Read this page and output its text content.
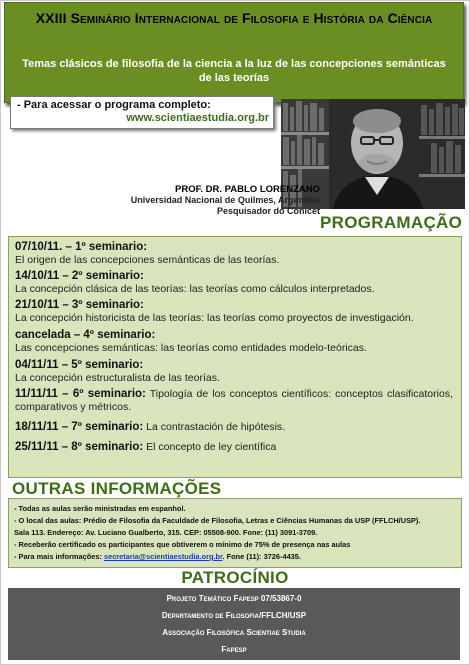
XXIII Seminário Internacional de Filosofia e História da Ciência
Temas clásicos de filosofia de la ciencia a la luz de las concepciones semánticas de las teorías
- Para acessar o programa completo:
www.scientiaestudia.org.br
PROF. DR. PABLO LORENZANO
Universidad Nacional de Quilmes, Argentina
Pesquisador do Conicet
PROGRAMAÇÃO
07/10/11. – 1º seminario:
El origen de las concepciones semánticas de las teorías.
14/10/11 – 2º seminario:
La concepción clásica de las teorías: las teorías como cálculos interpretados.
21/10/11 – 3º seminario:
La concepción historicista de las teorías: las teorías como proyectos de investigación.
cancelada – 4º seminario:
Las concepciones semánticas: las teorías como entidades modelo-teóricas.
04/11/11 – 5º seminario:
La concepción estructuralista de las teorías.
11/11/11 – 6º seminario: Tipología de los conceptos científicos: conceptos clasificatorios, comparativos y métricos.
18/11/11 – 7º seminario: La contrastación de hipótesis.
25/11/11 – 8º seminario: El concepto de ley científica
OUTRAS INFORMAÇÕES
- Todas as aulas serão ministradas em espanhol.
- O local das aulas: Prédio de Filosofia da Faculdade de Filosofia, Letras e Ciências Humanas da USP (FFLCH/USP).
Sala 113. Endereço: Av. Luciano Gualberto, 315. CEP: 05508-900. Fone: (11) 3091-3709.
- Receberão certificado os participantes que obtiverem o mínimo de 75% de presença nas aulas
- Para mais informações: secretaria@scientiaestudia.org.br. Fone (11): 3726-4435.
PATROCÍNIO
Projeto Temático Fapesp 07/53867-0
Departamento de Filosofia/FFLCH/USP
Associação Filosófica Scientiae Studia
Fapesp
